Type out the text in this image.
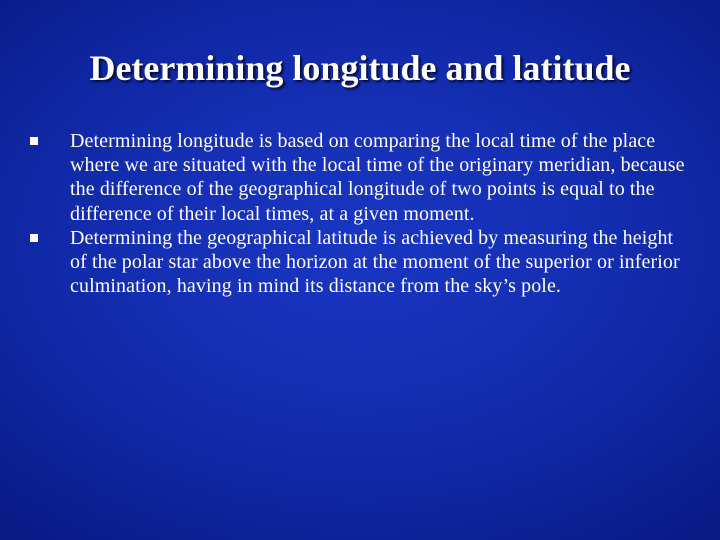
Determining longitude and latitude
Determining longitude is based on comparing the local time of the place where we are situated with the local time of the originary meridian, because the difference of the geographical longitude of two points is equal to the difference of their local times, at a given moment.
Determining the geographical latitude is achieved by measuring the height of the polar star above the horizon at the moment of the superior or inferior culmination, having in mind its distance from the sky’s pole.
